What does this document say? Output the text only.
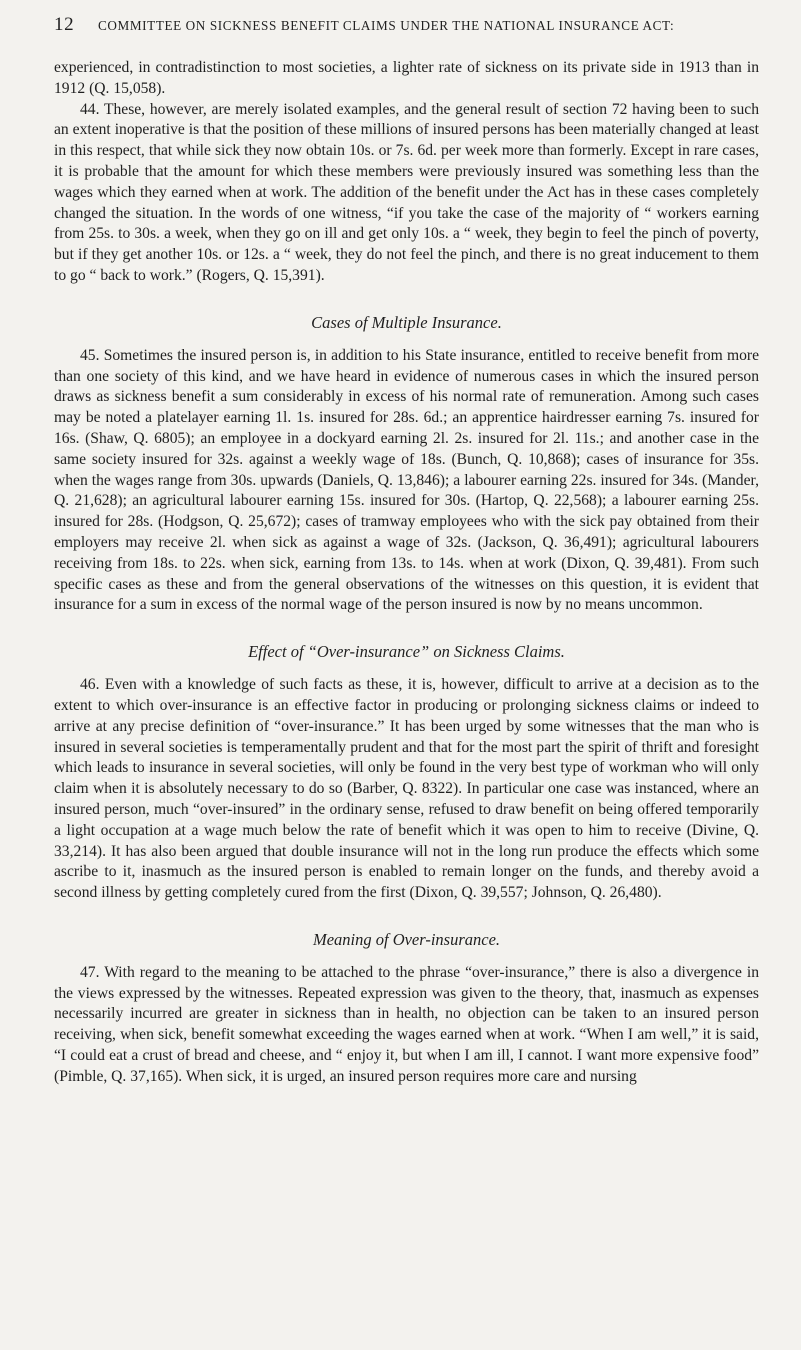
12	COMMITTEE ON SICKNESS BENEFIT CLAIMS UNDER THE NATIONAL INSURANCE ACT:

experienced, in contradistinction to most societies, a lighter rate of sickness on its private side in 1913 than in 1912 (Q. 15,058).

44. These, however, are merely isolated examples, and the general result of section 72 having been to such an extent inoperative is that the position of these millions of insured persons has been materially changed at least in this respect, that while sick they now obtain 10s. or 7s. 6d. per week more than formerly. Except in rare cases, it is probable that the amount for which these members were previously insured was something less than the wages which they earned when at work. The addition of the benefit under the Act has in these cases completely changed the situation. In the words of one witness, “if you take the case of the majority of “ workers earning from 25s. to 30s. a week, when they go on ill and get only 10s. a “ week, they begin to feel the pinch of poverty, but if they get another 10s. or 12s. a “ week, they do not feel the pinch, and there is no great inducement to them to go “ back to work.” (Rogers, Q. 15,391).

Cases of Multiple Insurance.

45. Sometimes the insured person is, in addition to his State insurance, entitled to receive benefit from more than one society of this kind, and we have heard in evidence of numerous cases in which the insured person draws as sickness benefit a sum considerably in excess of his normal rate of remuneration. Among such cases may be noted a platelayer earning 1l. 1s. insured for 28s. 6d.; an apprentice hairdresser earning 7s. insured for 16s. (Shaw, Q. 6805); an employee in a dockyard earning 2l. 2s. insured for 2l. 11s.; and another case in the same society insured for 32s. against a weekly wage of 18s. (Bunch, Q. 10,868); cases of insurance for 35s. when the wages range from 30s. upwards (Daniels, Q. 13,846); a labourer earning 22s. insured for 34s. (Mander, Q. 21,628); an agricultural labourer earning 15s. insured for 30s. (Hartop, Q. 22,568); a labourer earning 25s. insured for 28s. (Hodgson, Q. 25,672); cases of tramway employees who with the sick pay obtained from their employers may receive 2l. when sick as against a wage of 32s. (Jackson, Q. 36,491); agricultural labourers receiving from 18s. to 22s. when sick, earning from 13s. to 14s. when at work (Dixon, Q. 39,481). From such specific cases as these and from the general observations of the witnesses on this question, it is evident that insurance for a sum in excess of the normal wage of the person insured is now by no means uncommon.

Effect of “Over-insurance” on Sickness Claims.

46. Even with a knowledge of such facts as these, it is, however, difficult to arrive at a decision as to the extent to which over-insurance is an effective factor in producing or prolonging sickness claims or indeed to arrive at any precise definition of “over-insurance.” It has been urged by some witnesses that the man who is insured in several societies is temperamentally prudent and that for the most part the spirit of thrift and foresight which leads to insurance in several societies, will only be found in the very best type of workman who will only claim when it is absolutely necessary to do so (Barber, Q. 8322). In particular one case was instanced, where an insured person, much “over-insured” in the ordinary sense, refused to draw benefit on being offered temporarily a light occupation at a wage much below the rate of benefit which it was open to him to receive (Divine, Q. 33,214). It has also been argued that double insurance will not in the long run produce the effects which some ascribe to it, inasmuch as the insured person is enabled to remain longer on the funds, and thereby avoid a second illness by getting completely cured from the first (Dixon, Q. 39,557; Johnson, Q. 26,480).

Meaning of Over-insurance.

47. With regard to the meaning to be attached to the phrase “over-insurance,” there is also a divergence in the views expressed by the witnesses. Repeated expression was given to the theory, that, inasmuch as expenses necessarily incurred are greater in sickness than in health, no objection can be taken to an insured person receiving, when sick, benefit somewhat exceeding the wages earned when at work. “When I am well,” it is said, “I could eat a crust of bread and cheese, and “ enjoy it, but when I am ill, I cannot. I want more expensive food” (Pimble, Q. 37,165). When sick, it is urged, an insured person requires more care and nursing
